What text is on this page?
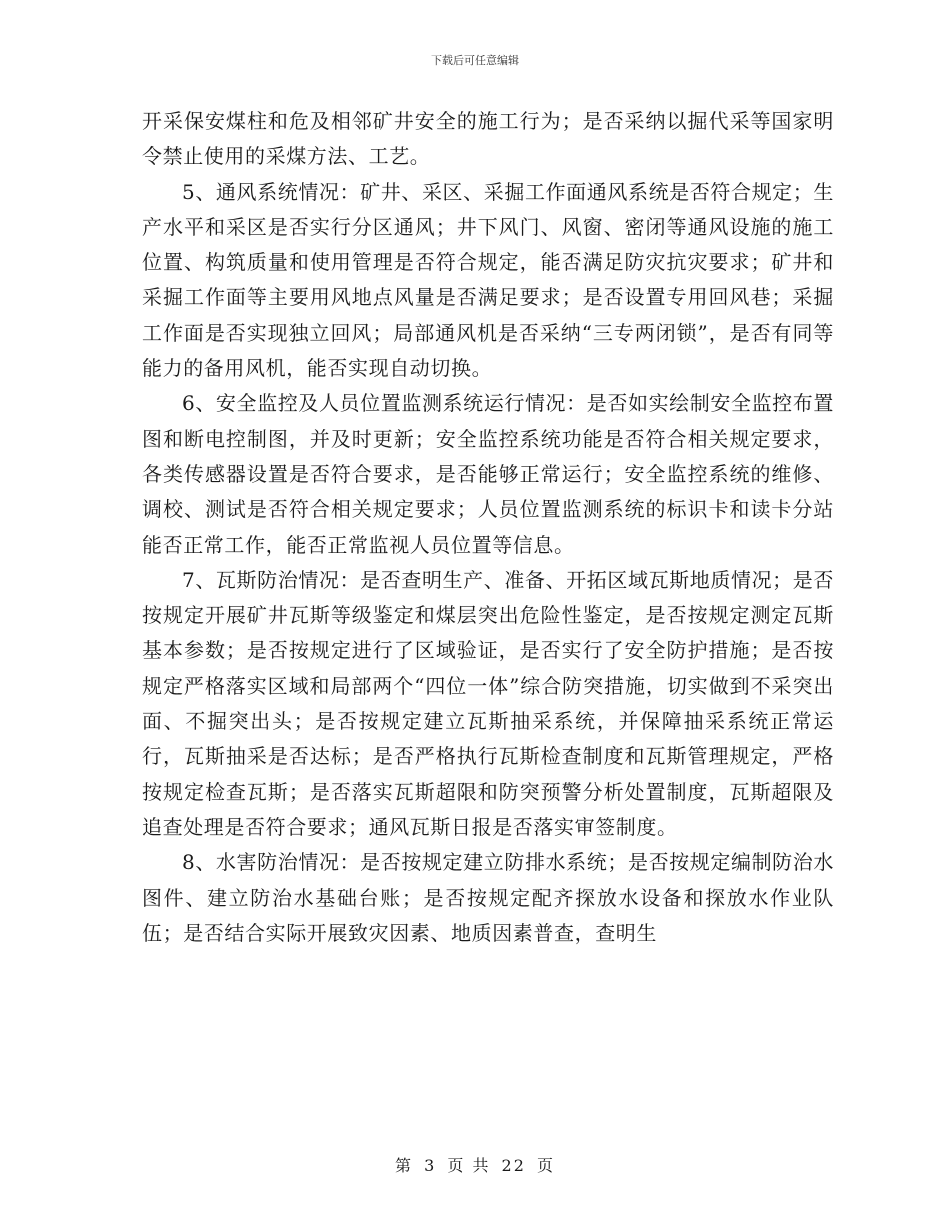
下载后可任意编辑

开采保安煤柱和危及相邻矿井安全的施工行为；是否采纳以掘代采等国家明令禁止使用的采煤方法、工艺。

5、通风系统情况：矿井、采区、采掘工作面通风系统是否符合规定；生产水平和采区是否实行分区通风；井下风门、风窗、密闭等通风设施的施工位置、构筑质量和使用管理是否符合规定，能否满足防灾抗灾要求；矿井和采掘工作面等主要用风地点风量是否满足要求；是否设置专用回风巷；采掘工作面是否实现独立回风；局部通风机是否采纳“三专两闭锁”，是否有同等能力的备用风机，能否实现自动切换。

6、安全监控及人员位置监测系统运行情况：是否如实绘制安全监控布置图和断电控制图，并及时更新；安全监控系统功能是否符合相关规定要求，各类传感器设置是否符合要求，是否能够正常运行；安全监控系统的维修、调校、测试是否符合相关规定要求；人员位置监测系统的标识卡和读卡分站能否正常工作，能否正常监视人员位置等信息。

7、瓦斯防治情况：是否查明生产、准备、开拓区域瓦斯地质情况；是否按规定开展矿井瓦斯等级鉴定和煤层突出危险性鉴定，是否按规定测定瓦斯基本参数；是否按规定进行了区域验证，是否实行了安全防护措施；是否按规定严格落实区域和局部两个“四位一体”综合防突措施，切实做到不采突出面、不掘突出头；是否按规定建立瓦斯抽采系统，并保障抽采系统正常运行，瓦斯抽采是否达标；是否严格执行瓦斯检查制度和瓦斯管理规定，严格按规定检查瓦斯；是否落实瓦斯超限和防突预警分析处置制度，瓦斯超限及追查处理是否符合要求；通风瓦斯日报是否落实审签制度。

8、水害防治情况：是否按规定建立防排水系统；是否按规定编制防治水图件、建立防治水基础台账；是否按规定配齐探放水设备和探放水作业队伍；是否结合实际开展致灾因素、地质因素普查，查明生

第 3 页 共 22 页
